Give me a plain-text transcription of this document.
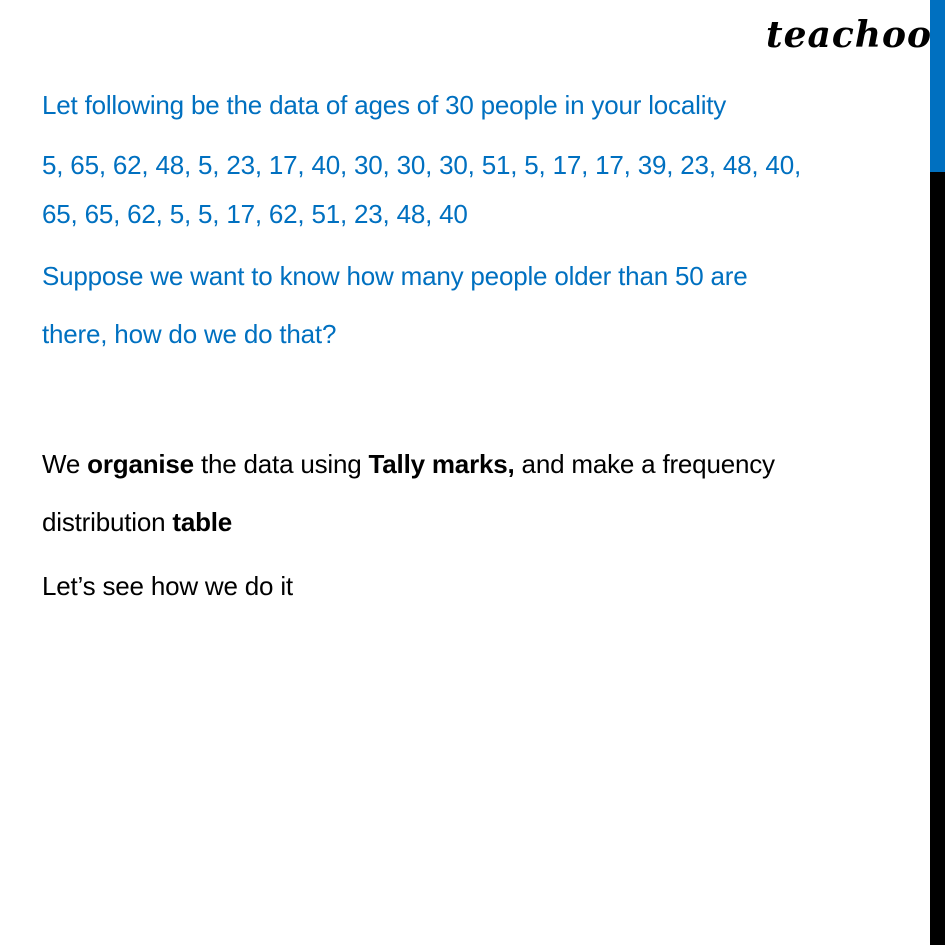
teachoo
Let following be the data of ages of 30 people in your locality
5, 65, 62, 48, 5, 23, 17, 40, 30, 30, 30, 51, 5, 17, 17, 39, 23, 48, 40,
65, 65, 62, 5, 5, 17, 62, 51, 23, 48, 40
Suppose we want to know how many people older than 50 are
there, how do we do that?
We organise the data using Tally marks, and make a frequency
distribution table
Let’s see how we do it
